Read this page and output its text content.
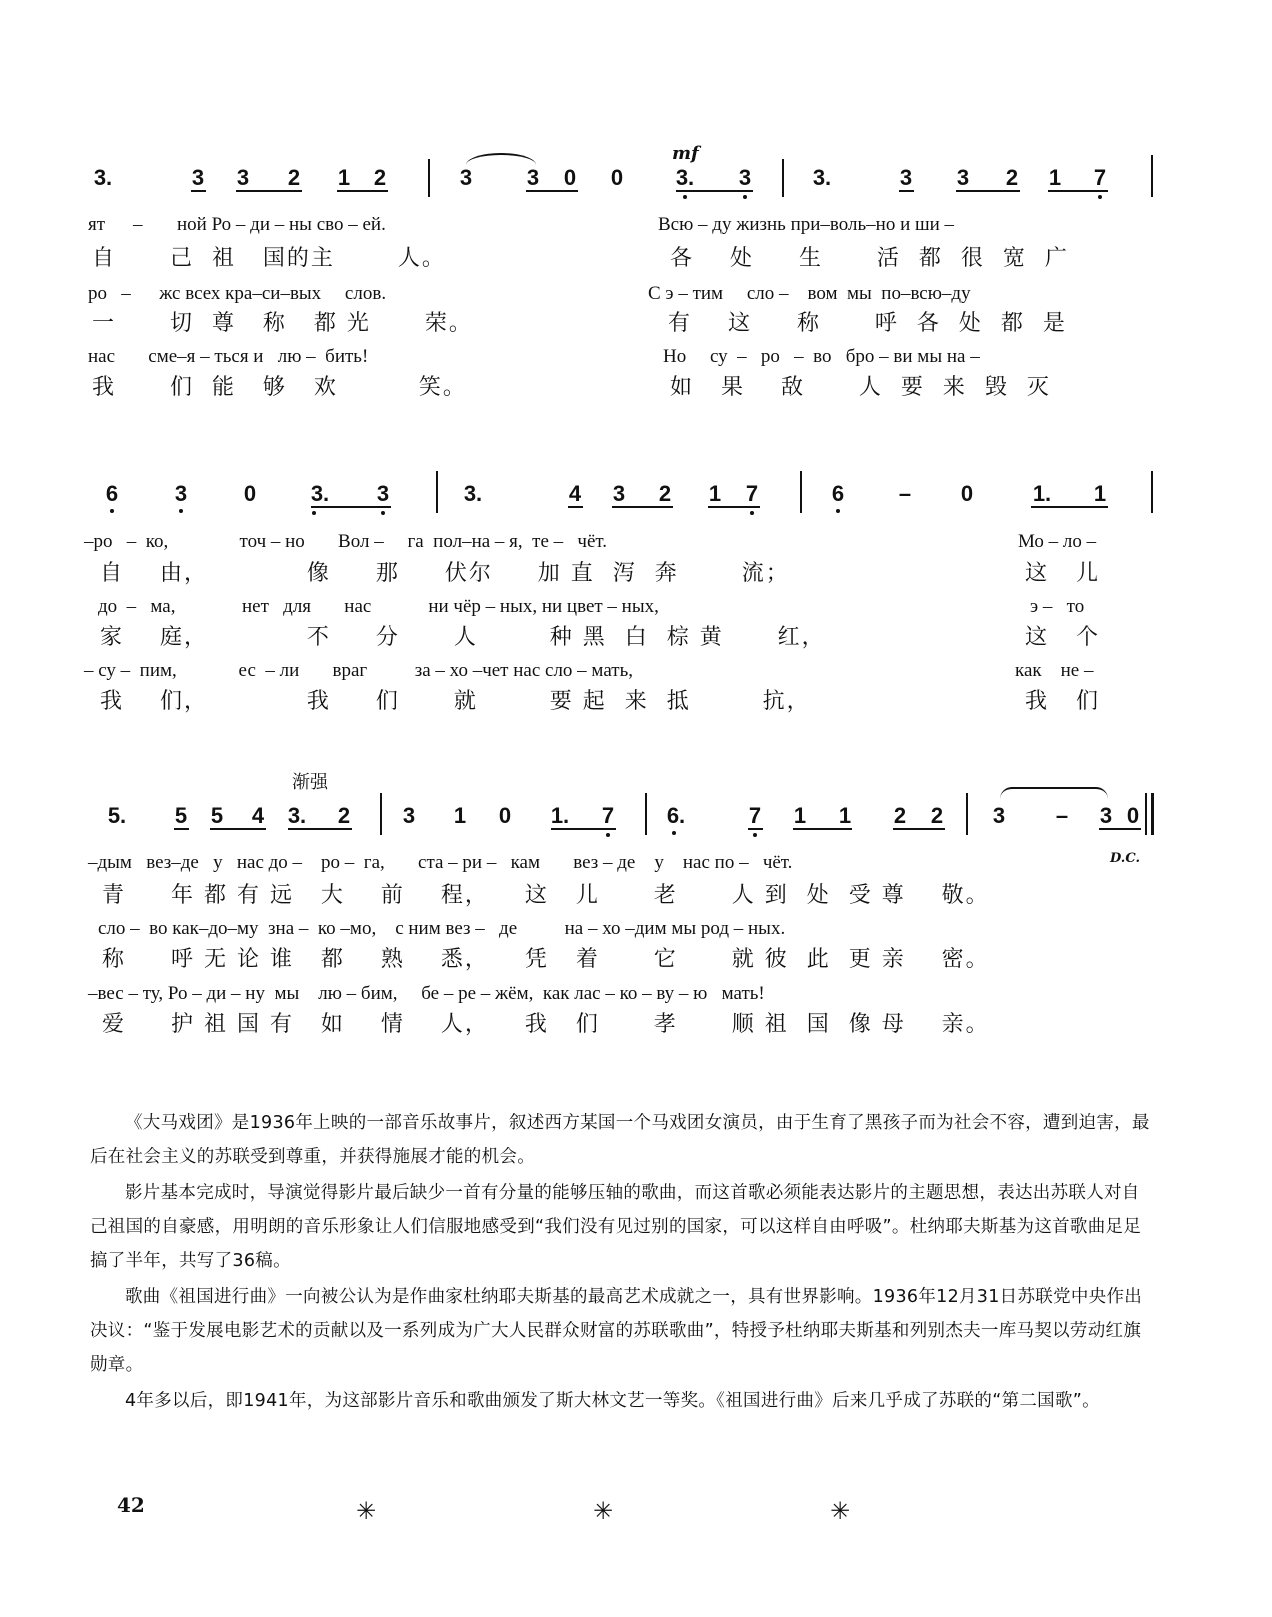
mf
3.	3 3 2 1 2	3 3 0 0 3. 3	3.	3 3 2 1 7
ят – ной Ро – ди – ны сво – ей.	Всю – ду жизнь при–воль–но и ши –
自      己  祖   国的主       人。	各    处     生      活  都  很  宽  广
ро   –      жс всех кра–си–вых     слов.	С э – тим     сло –    вом  мы  по–всю–ду
一      切  尊   称   都 光      荣。	有    这     称      呼  各  处  都  是
нас       сме–я – ться и   лю –  бить!	Но     су  –   ро   –  во   бро – ви мы на –
我      们  能   够   欢         笑。	如   果    敌      人  要  来  毁  灭
6	3	0 3. 3	3.	4 3 2 1 7	6 – 0	1. 1
–ро   –  ко,               точ – но       Вол –     га  пол–на – я,  те –   чёт.	Мо – ло –
自    由，           像     那     伏尔     加 直  泻  奔       流；	这   儿
до  –   ма,              нет   для       нас            ни чёр – ных, ни цвет – ных,	э –   то
家    庭，           不     分      人        种 黑  白  棕 黄      红，	这   个
– су –  пим,             ес  – ли       враг          за – хо –чет нас сло – мать,	как    не –
我    们，           我     们      就        要 起  来  抵        抗，	我   们
渐强
5. 5 5 4 3. 2 3 1 0 1. 7 6.	7 1 1 2 2 3 – 3 0
D.C.
–дым   вез–де   у   нас до –    ро –  га,       ста – ри –   кам       вез – де    у    нас по –   чёт.
青     年 都 有 远   大    前    程，    这   儿      老      人 到  处  受 尊    敬。
сло –  во как–до–му  зна –  ко –мо,    с ним вез –   де          на – хо –дим мы род – ных.
称     呼 无 论 谁   都    熟    悉，    凭   着      它      就 彼  此  更 亲    密。
–вес – ту, Ро – ди – ну  мы    лю – бим,     бе – ре – жём,  как лас – ко – ву – ю   мать!
爱     护 祖 国 有   如    情    人，    我   们      孝      顺 祖  国  像 母    亲。

《大马戏团》是1936年上映的一部音乐故事片，叙述西方某国一个马戏团女演员，由于生育了黑孩子而为社会不容，遭到迫害，最后在社会主义的苏联受到尊重，并获得施展才能的机会。

影片基本完成时，导演觉得影片最后缺少一首有分量的能够压轴的歌曲，而这首歌必须能表达影片的主题思想，表达出苏联人对自己祖国的自豪感，用明朗的音乐形象让人们信服地感受到“我们没有见过别的国家，可以这样自由呼吸”。杜纳耶夫斯基为这首歌曲足足搞了半年，共写了36稿。

歌曲《祖国进行曲》一向被公认为是作曲家杜纳耶夫斯基的最高艺术成就之一，具有世界影响。1936年12月31日苏联党中央作出决议：“鉴于发展电影艺术的贡献以及一系列成为广大人民群众财富的苏联歌曲”，特授予杜纳耶夫斯基和列别杰夫一库马契以劳动红旗勋章。

4年多以后，即1941年，为这部影片音乐和歌曲颁发了斯大林文艺一等奖。《祖国进行曲》后来几乎成了苏联的“第二国歌”。

42	✳	✳	✳
